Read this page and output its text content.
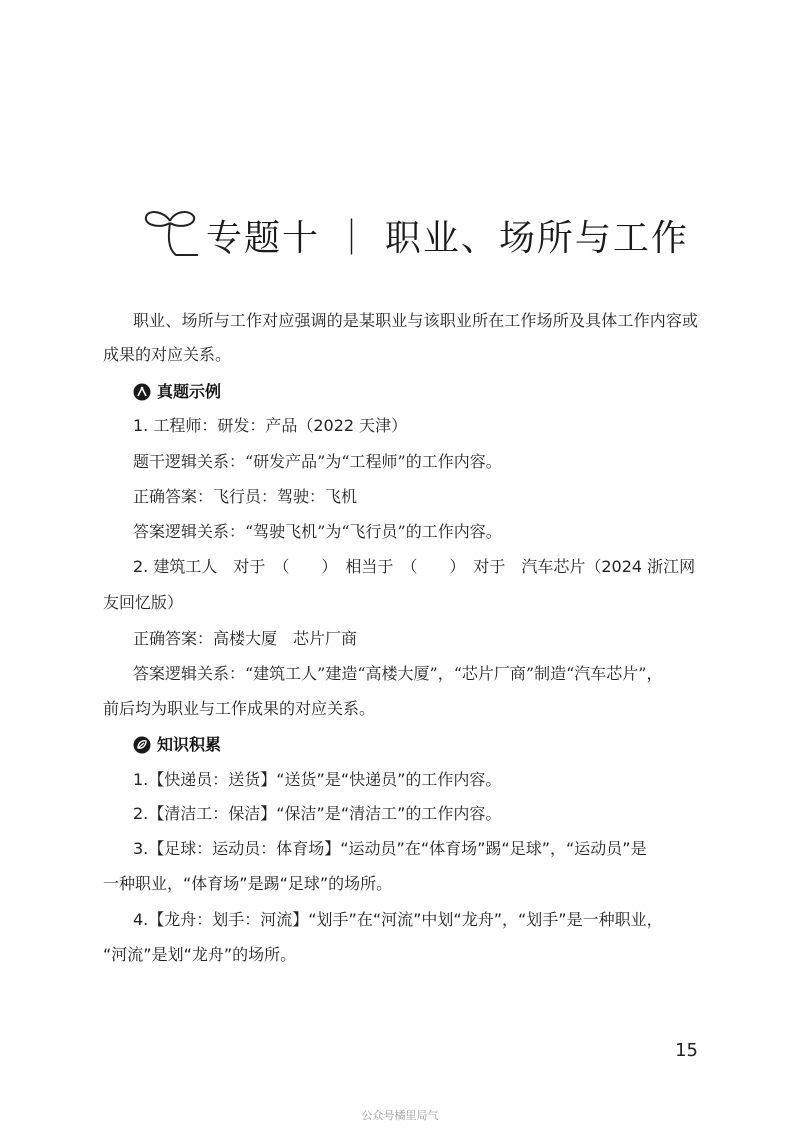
专题十 ｜ 职业、场所与工作
职业、场所与工作对应强调的是某职业与该职业所在工作场所及具体工作内容或
成果的对应关系。
真题示例
1. 工程师：研发：产品（2022 天津）
题干逻辑关系：“研发产品”为“工程师”的工作内容。
正确答案：飞行员：驾驶：飞机
答案逻辑关系：“驾驶飞机”为“飞行员”的工作内容。
2. 建筑工人　对于　（　　）　相当于　（　　）　对于　汽车芯片（2024 浙江网
友回忆版）
正确答案：高楼大厦　芯片厂商
答案逻辑关系：“建筑工人”建造“高楼大厦”，“芯片厂商”制造“汽车芯片”，
前后均为职业与工作成果的对应关系。
知识积累
1.【快递员：送货】“送货”是“快递员”的工作内容。
2.【清洁工：保洁】“保洁”是“清洁工”的工作内容。
3.【足球：运动员：体育场】“运动员”在“体育场”踢“足球”，“运动员”是
一种职业，“体育场”是踢“足球”的场所。
4.【龙舟：划手：河流】“划手”在“河流”中划“龙舟”，“划手”是一种职业，
“河流”是划“龙舟”的场所。
15
公众号橘里局气
